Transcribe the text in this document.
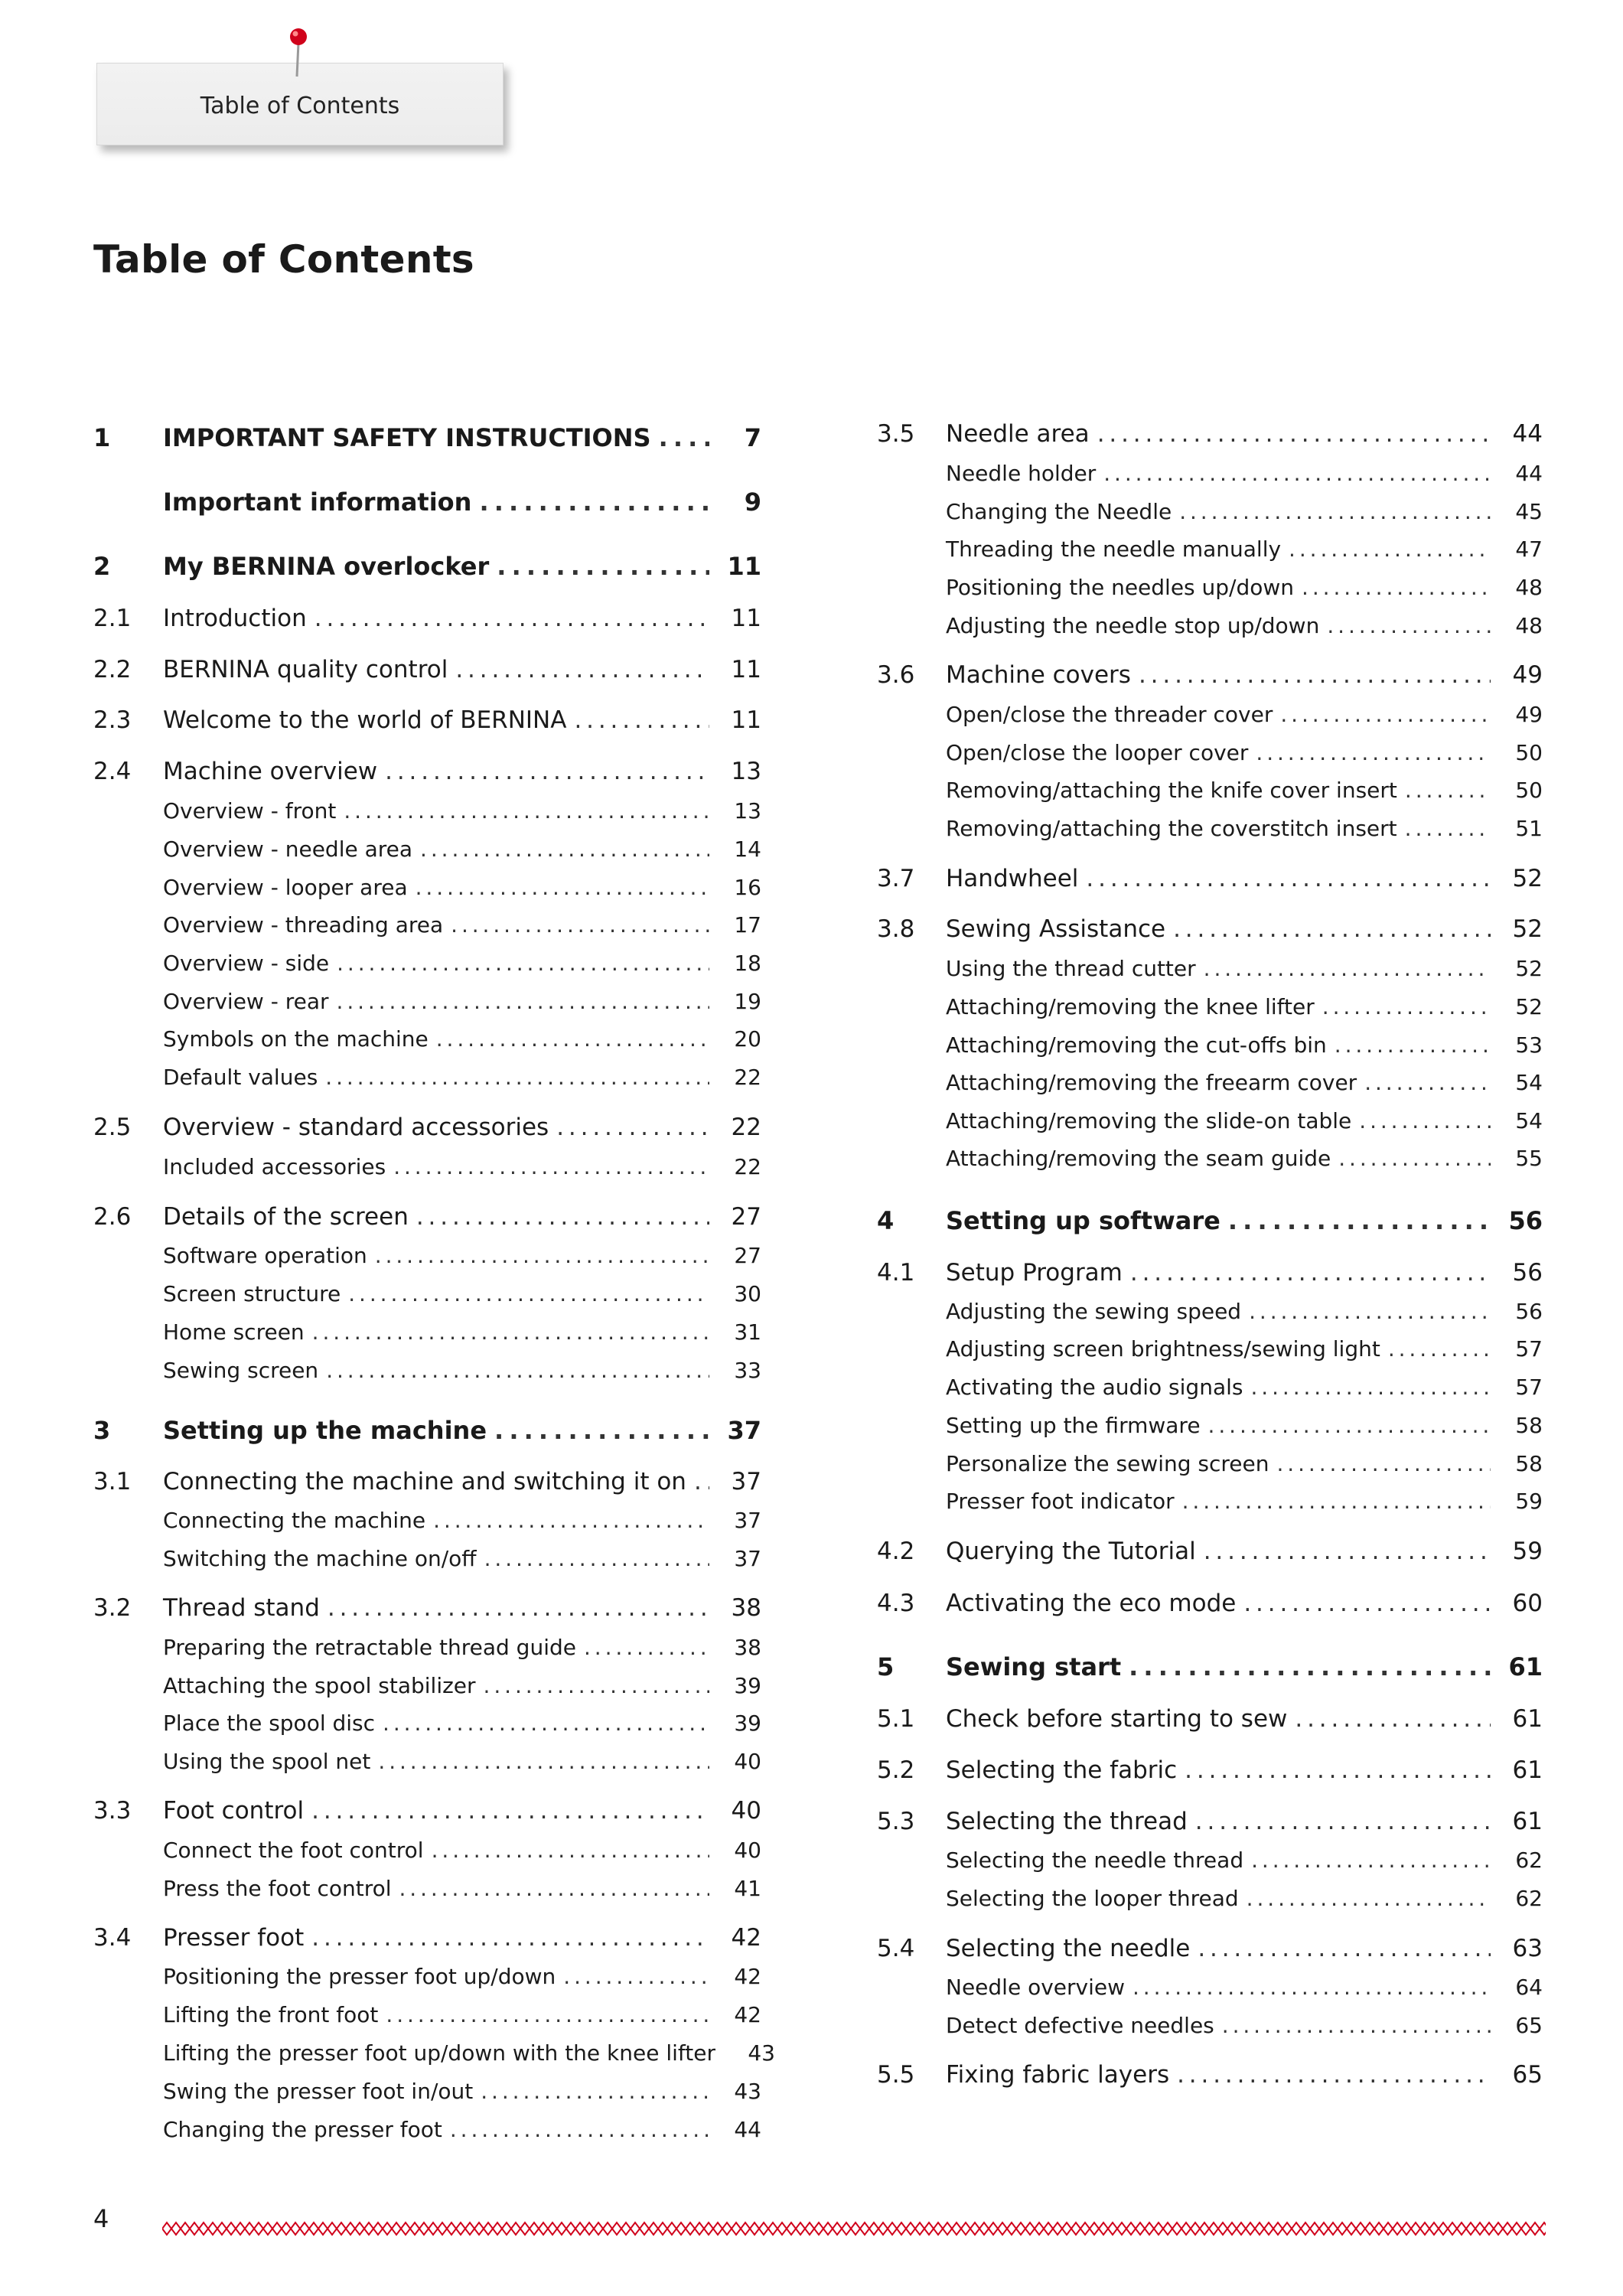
Table of Contents
Table of Contents
1 IMPORTANT SAFETY INSTRUCTIONS . . .	7
Important information . . .	9
2 My BERNINA overlocker . . .	11
2.1 Introduction . . .	11
2.2 BERNINA quality control . . .	11
2.3 Welcome to the world of BERNINA . . .	11
2.4 Machine overview . . .	13
Overview - front . . .	13
Overview - needle area . . .	14
Overview - looper area . . .	16
Overview - threading area . . .	17
Overview - side . . .	18
Overview - rear . . .	19
Symbols on the machine . . .	20
Default values . . .	22
2.5 Overview - standard accessories . . .	22
Included accessories . . .	22
2.6 Details of the screen . . .	27
Software operation . . .	27
Screen structure . . .	30
Home screen . . .	31
Sewing screen . . .	33
3 Setting up the machine . . .	37
3.1 Connecting the machine and switching it on . . .	37
Connecting the machine . . .	37
Switching the machine on/off . . .	37
3.2 Thread stand . . .	38
Preparing the retractable thread guide . . .	38
Attaching the spool stabilizer . . .	39
Place the spool disc . . .	39
Using the spool net . . .	40
3.3 Foot control . . .	40
Connect the foot control . . .	40
Press the foot control . . .	41
3.4 Presser foot . . .	42
Positioning the presser foot up/down . . .	42
Lifting the front foot . . .	42
Lifting the presser foot up/down with the knee lifter	43
Swing the presser foot in/out . . .	43
Changing the presser foot . . .	44
3.5 Needle area . . .	44
Needle holder . . .	44
Changing the Needle . . .	45
Threading the needle manually . . .	47
Positioning the needles up/down . . .	48
Adjusting the needle stop up/down . . .	48
3.6 Machine covers . . .	49
Open/close the threader cover . . .	49
Open/close the looper cover . . .	50
Removing/attaching the knife cover insert . . .	50
Removing/attaching the coverstitch insert . . .	51
3.7 Handwheel . . .	52
3.8 Sewing Assistance . . .	52
Using the thread cutter . . .	52
Attaching/removing the knee lifter . . .	52
Attaching/removing the cut-offs bin . . .	53
Attaching/removing the freearm cover . . .	54
Attaching/removing the slide-on table . . .	54
Attaching/removing the seam guide . . .	55
4 Setting up software . . .	56
4.1 Setup Program . . .	56
Adjusting the sewing speed . . .	56
Adjusting screen brightness/sewing light . . .	57
Activating the audio signals . . .	57
Setting up the firmware . . .	58
Personalize the sewing screen . . .	58
Presser foot indicator . . .	59
4.2 Querying the Tutorial . . .	59
4.3 Activating the eco mode . . .	60
5 Sewing start . . .	61
5.1 Check before starting to sew . . .	61
5.2 Selecting the fabric . . .	61
5.3 Selecting the thread . . .	61
Selecting the needle thread . . .	62
Selecting the looper thread . . .	62
5.4 Selecting the needle . . .	63
Needle overview . . .	64
Detect defective needles . . .	65
5.5 Fixing fabric layers . . .	65
4
